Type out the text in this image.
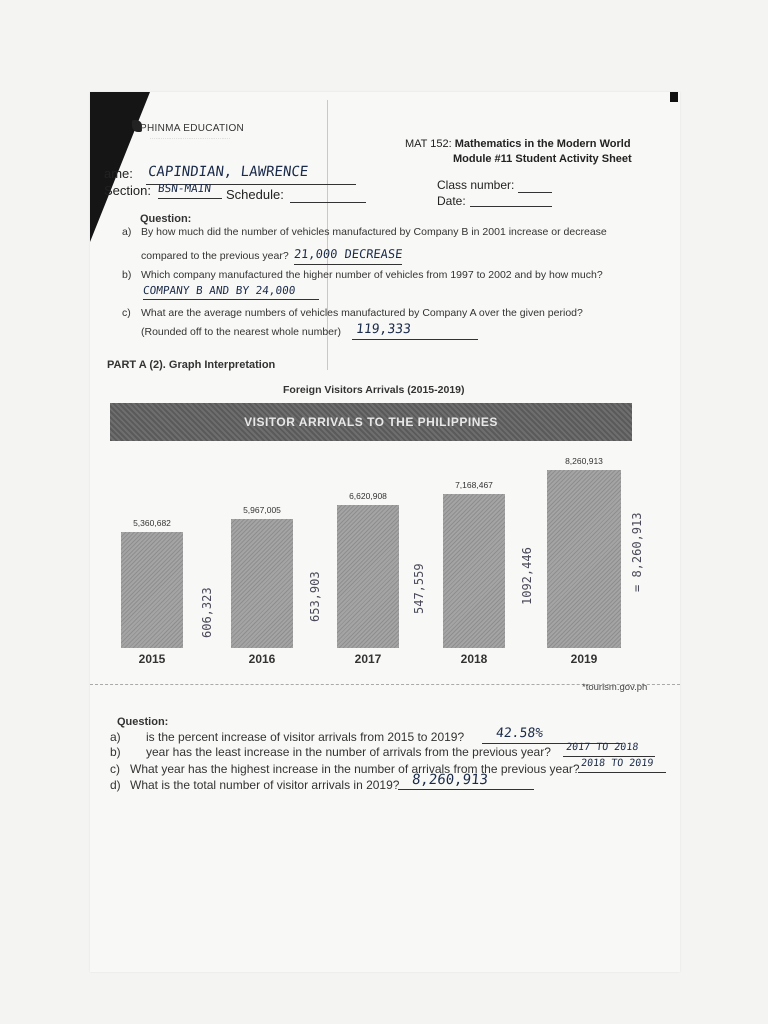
PHINMA EDUCATION
············································	MAT 152: Mathematics in the Modern World
Module #11 Student Activity Sheet
ame: CAPINDIAN, LAWRENCE
Section: BSN-MAIN Schedule:
Class number:
Date:
Question:
a) By how much did the number of vehicles manufactured by Company B in 2001 increase or decrease
compared to the previous year? 21,000 DECREASE
b) Which company manufactured the higher number of vehicles from 1997 to 2002 and by how much?
COMPANY B AND BY 24,000
c) What are the average numbers of vehicles manufactured by Company A over the given period?
(Rounded off to the nearest whole number) 119,333
PART A (2). Graph Interpretation
Foreign Visitors Arrivals (2015-2019)
VISITOR ARRIVALS TO THE PHILIPPINES
5,360,682
2015
5,967,005
2016
6,620,908
2017
7,168,467
2018
8,260,913
2019
606,323	653,903	547,559	1092,446	= 8,260,913
*tourism.gov.ph
Question:
a) is the percent increase of visitor arrivals from 2015 to 2019? 42.58%
b) year has the least increase in the number of arrivals from the previous year? 2017 TO 2018
c) What year has the highest increase in the number of arrivals from the previous year? 2018 TO 2019
d) What is the total number of visitor arrivals in 2019? 8,260,913
